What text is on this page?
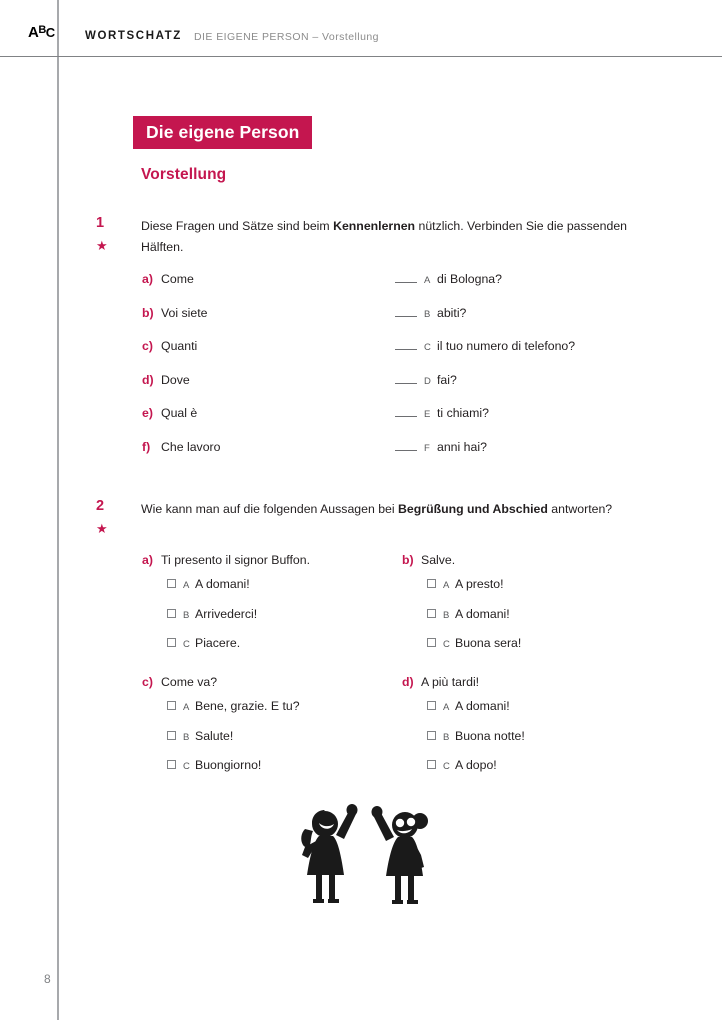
$A^BC$	WORTSCHATZ DIE EIGENE PERSON – Vorstellung
Die eigene Person
Vorstellung
1
★
Diese Fragen und Sätze sind beim Kennenlernen nützlich. Verbinden Sie die passenden Hälften.
a) Come
b) Voi siete
c) Quanti
d) Dove
e) Qual è
f) Che lavoro
A di Bologna?
B abiti?
C il tuo numero di telefono?
D fai?
E ti chiami?
F anni hai?
2
★
Wie kann man auf die folgenden Aussagen bei Begrüßung und Abschied antworten?
a) Ti presento il signor Buffon.
A A domani!
B Arrivederci!
C Piacere.
b) Salve.
A A presto!
B A domani!
C Buona sera!
c) Come va?
A Bene, grazie. E tu?
B Salute!
C Buongiorno!
d) A più tardi!
A A domani!
B Buona notte!
C A dopo!
8
